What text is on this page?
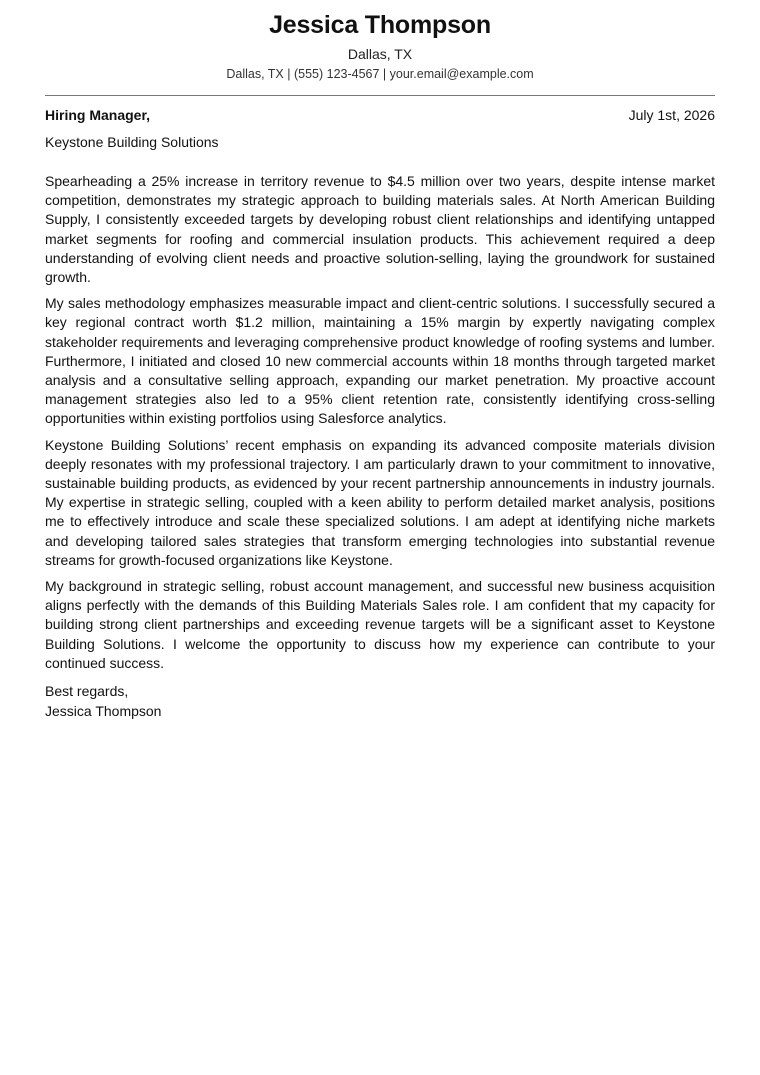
Jessica Thompson
Dallas, TX
Dallas, TX | (555) 123-4567 | your.email@example.com
Hiring Manager,	July 1st, 2026
Keystone Building Solutions

Spearheading a 25% increase in territory revenue to $4.5 million over two years, despite intense market competition, demonstrates my strategic approach to building materials sales. At North American Building Supply, I consistently exceeded targets by developing robust client relationships and identifying untapped market segments for roofing and commercial insulation products. This achievement required a deep understanding of evolving client needs and proactive solution-selling, laying the groundwork for sustained growth.

My sales methodology emphasizes measurable impact and client-centric solutions. I successfully secured a key regional contract worth $1.2 million, maintaining a 15% margin by expertly navigating complex stakeholder requirements and leveraging comprehensive product knowledge of roofing systems and lumber. Furthermore, I initiated and closed 10 new commercial accounts within 18 months through targeted market analysis and a consultative selling approach, expanding our market penetration. My proactive account management strategies also led to a 95% client retention rate, consistently identifying cross-selling opportunities within existing portfolios using Salesforce analytics.

Keystone Building Solutions’ recent emphasis on expanding its advanced composite materials division deeply resonates with my professional trajectory. I am particularly drawn to your commitment to innovative, sustainable building products, as evidenced by your recent partnership announcements in industry journals. My expertise in strategic selling, coupled with a keen ability to perform detailed market analysis, positions me to effectively introduce and scale these specialized solutions. I am adept at identifying niche markets and developing tailored sales strategies that transform emerging technologies into substantial revenue streams for growth-focused organizations like Keystone.

My background in strategic selling, robust account management, and successful new business acquisition aligns perfectly with the demands of this Building Materials Sales role. I am confident that my capacity for building strong client partnerships and exceeding revenue targets will be a significant asset to Keystone Building Solutions. I welcome the opportunity to discuss how my experience can contribute to your continued success.

Best regards,
Jessica Thompson
